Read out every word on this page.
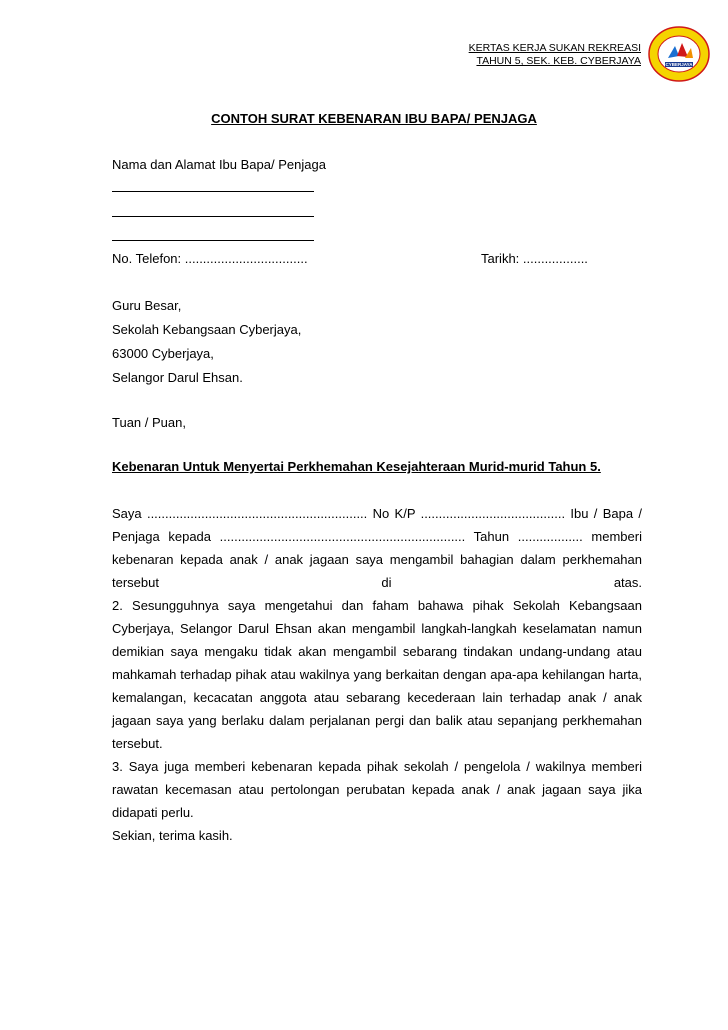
KERTAS KERJA SUKAN REKREASI
TAHUN 5, SEK. KEB. CYBERJAYA	CYBERJAYA
CONTOH SURAT KEBENARAN IBU BAPA/ PENJAGA
Nama dan Alamat Ibu Bapa/ Penjaga
No. Telefon: ..................................	Tarikh: ..................
Guru Besar,
Sekolah Kebangsaan Cyberjaya,
63000 Cyberjaya,
Selangor Darul Ehsan.
Tuan / Puan,
Kebenaran Untuk Menyertai Perkhemahan Kesejahteraan Murid-murid Tahun 5.

Saya ............................................................. No K/P ........................................ Ibu / Bapa / Penjaga kepada .................................................................... Tahun .................. memberi kebenaran kepada anak / anak jagaan saya mengambil bahagian dalam perkhemahan tersebut di atas.

2. Sesungguhnya saya mengetahui dan faham bahawa pihak Sekolah Kebangsaan Cyberjaya, Selangor Darul Ehsan akan mengambil langkah-langkah keselamatan namun demikian saya mengaku tidak akan mengambil sebarang tindakan undang-undang atau mahkamah terhadap pihak atau wakilnya yang berkaitan dengan apa-apa kehilangan harta, kemalangan, kecacatan anggota atau sebarang kecederaan lain terhadap anak / anak jagaan saya yang berlaku dalam perjalanan pergi dan balik atau sepanjang perkhemahan tersebut.

3. Saya juga memberi kebenaran kepada pihak sekolah / pengelola / wakilnya memberi rawatan kecemasan atau pertolongan perubatan kepada anak / anak jagaan saya jika didapati perlu.

Sekian, terima kasih.
